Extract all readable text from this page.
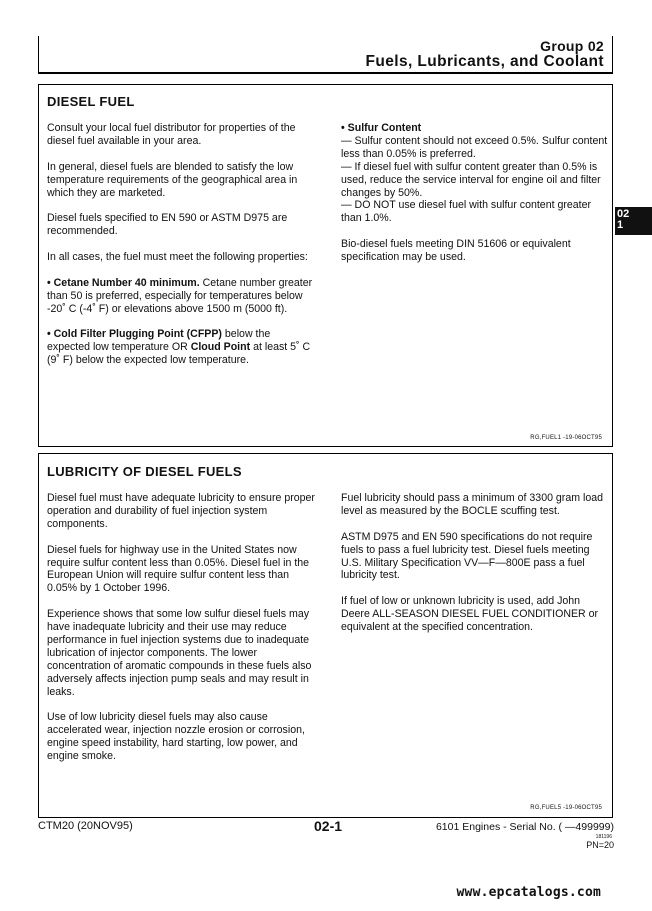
Group 02
Fuels, Lubricants, and Coolant
02
1
DIESEL FUEL

Consult your local fuel distributor for properties of the diesel fuel available in your area.

In general, diesel fuels are blended to satisfy the low temperature requirements of the geographical area in which they are marketed.

Diesel fuels specified to EN 590 or ASTM D975 are recommended.

In all cases, the fuel must meet the following properties:

• Cetane Number 40 minimum. Cetane number greater than 50 is preferred, especially for temperatures below -20˚ C (-4˚ F) or elevations above 1500 m (5000 ft).

• Cold Filter Plugging Point (CFPP) below the expected low temperature OR Cloud Point at least 5˚ C (9˚ F) below the expected low temperature.

• Sulfur Content

— Sulfur content should not exceed 0.5%. Sulfur content less than 0.05% is preferred.

— If diesel fuel with sulfur content greater than 0.5% is used, reduce the service interval for engine oil and filter changes by 50%.

— DO NOT use diesel fuel with sulfur content greater than 1.0%.

Bio-diesel fuels meeting DIN 51606 or equivalent specification may be used.

RG,FUEL1 -19-06OCT95
LUBRICITY OF DIESEL FUELS

Diesel fuel must have adequate lubricity to ensure proper operation and durability of fuel injection system components.

Diesel fuels for highway use in the United States now require sulfur content less than 0.05%. Diesel fuel in the European Union will require sulfur content less than 0.05% by 1 October 1996.

Experience shows that some low sulfur diesel fuels may have inadequate lubricity and their use may reduce performance in fuel injection systems due to inadequate lubrication of injector components. The lower concentration of aromatic compounds in these fuels also adversely affects injection pump seals and may result in leaks.

Use of low lubricity diesel fuels may also cause accelerated wear, injection nozzle erosion or corrosion, engine speed instability, hard starting, low power, and engine smoke.

Fuel lubricity should pass a minimum of 3300 gram load level as measured by the BOCLE scuffing test.

ASTM D975 and EN 590 specifications do not require fuels to pass a fuel lubricity test. Diesel fuels meeting U.S. Military Specification VV—F—800E pass a fuel lubricity test.

If fuel of low or unknown lubricity is used, add John Deere ALL-SEASON DIESEL FUEL CONDITIONER or equivalent at the specified concentration.

RG,FUEL5 -19-06OCT95
CTM20 (20NOV95)	02-1	6101 Engines - Serial No. ( —499999)
181196
PN=20
www.epcatalogs.com
